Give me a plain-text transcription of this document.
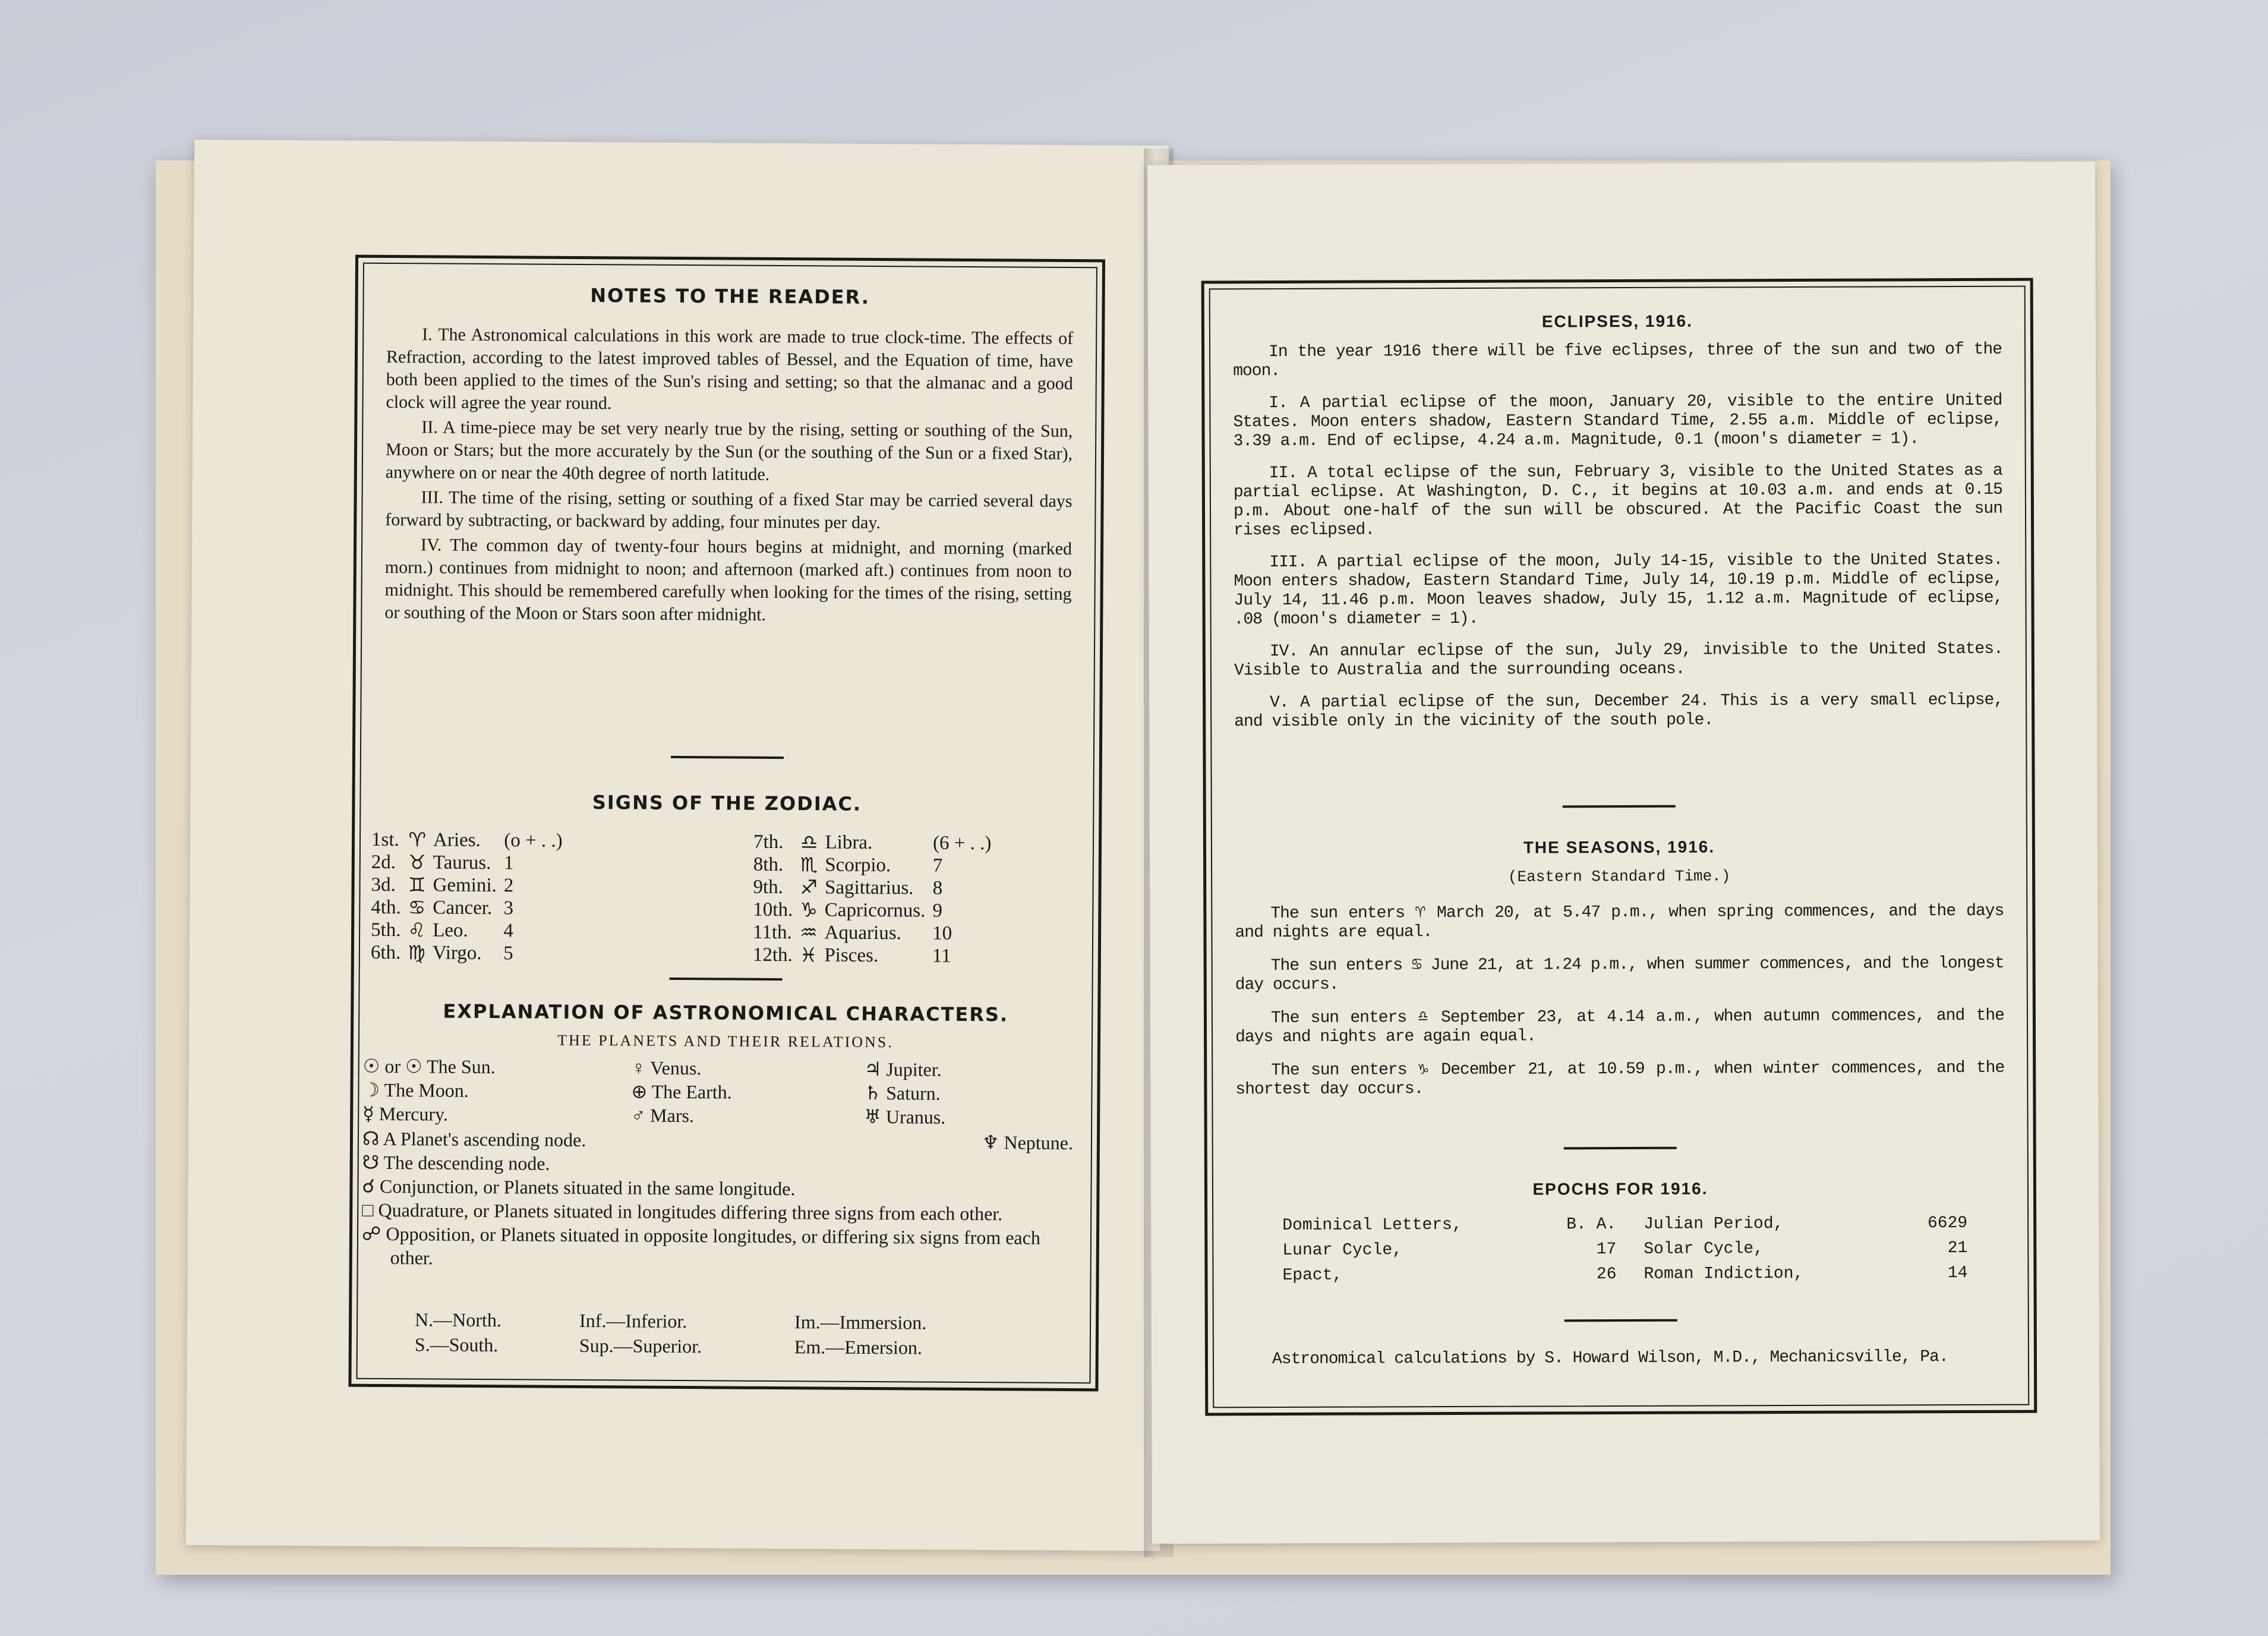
NOTES TO THE READER.

I. The Astronomical calculations in this work are made to true clock-time. The effects of Refraction, according to the latest improved tables of Bessel, and the Equation of time, have both been applied to the times of the Sun's rising and setting; so that the almanac and a good clock will agree the year round.

II. A time-piece may be set very nearly true by the rising, setting or southing of the Sun, Moon or Stars; but the more accurately by the Sun (or the southing of the Sun or a fixed Star), anywhere on or near the 40th degree of north latitude.

III. The time of the rising, setting or southing of a fixed Star may be carried several days forward by subtracting, or backward by adding, four minutes per day.

IV. The common day of twenty-four hours begins at midnight, and morning (marked morn.) continues from midnight to noon; and afternoon (marked aft.) continues from noon to midnight. This should be remembered carefully when looking for the times of the rising, setting or southing of the Moon or Stars soon after midnight.

SIGNS OF THE ZODIAC.
1st.	♈	Aries.	(o + . .)
2d.	♉	Taurus.	1
3d.	♊	Gemini.	2
4th.	♋	Cancer.	3
5th.	♌	Leo.	4
6th.	♍	Virgo.	5
7th.	♎	Libra.	(6 + . .)
8th.	♏	Scorpio.	7
9th.	♐	Sagittarius.	8
10th.	♑	Capricornus.	9
11th.	♒	Aquarius.	10
12th.	♓	Pisces.	11
EXPLANATION OF ASTRONOMICAL CHARACTERS.
THE PLANETS AND THEIR RELATIONS.
☉ or ☉ The Sun.	♀ Venus.	♃ Jupiter.
☽ The Moon.	⊕ The Earth.	♄ Saturn.
☿ Mercury.	♂ Mars.	♅ Uranus.
☊ A Planet's ascending node.	♆ Neptune.
☋ The descending node.
☌ Conjunction, or Planets situated in the same longitude.
□ Quadrature, or Planets situated in longitudes differing three signs from each other.
☍ Opposition, or Planets situated in opposite longitudes, or differing six signs from each other.
N.—North.	Inf.—Inferior.	Im.—Immersion.
S.—South.	Sup.—Superior.	Em.—Emersion.
ECLIPSES, 1916.

In the year 1916 there will be five eclipses, three of the sun and two of the moon.

I. A partial eclipse of the moon, January 20, visible to the entire United States. Moon enters shadow, Eastern Standard Time, 2.55 a.m. Middle of eclipse, 3.39 a.m. End of eclipse, 4.24 a.m. Magnitude, 0.1 (moon's diameter = 1).

II. A total eclipse of the sun, February 3, visible to the United States as a partial eclipse. At Washington, D. C., it begins at 10.03 a.m. and ends at 0.15 p.m. About one-half of the sun will be obscured. At the Pacific Coast the sun rises eclipsed.

III. A partial eclipse of the moon, July 14-15, visible to the United States. Moon enters shadow, Eastern Standard Time, July 14, 10.19 p.m. Middle of eclipse, July 14, 11.46 p.m. Moon leaves shadow, July 15, 1.12 a.m. Magnitude of eclipse, .08 (moon's diameter = 1).

IV. An annular eclipse of the sun, July 29, invisible to the United States. Visible to Australia and the surrounding oceans.

V. A partial eclipse of the sun, December 24. This is a very small eclipse, and visible only in the vicinity of the south pole.

THE SEASONS, 1916.
(Eastern Standard Time.)

The sun enters ♈ March 20, at 5.47 p.m., when spring commences, and the days and nights are equal.

The sun enters ♋ June 21, at 1.24 p.m., when summer commences, and the longest day occurs.

The sun enters ♎ September 23, at 4.14 a.m., when autumn commences, and the days and nights are again equal.

The sun enters ♑ December 21, at 10.59 p.m., when winter commences, and the shortest day occurs.

EPOCHS FOR 1916.
Dominical Letters,	B. A.	Julian Period,	6629
Lunar Cycle,	17	Solar Cycle,	21
Epact,	26	Roman Indiction,	14

Astronomical calculations by S. Howard Wilson, M.D., Mechanicsville, Pa.
